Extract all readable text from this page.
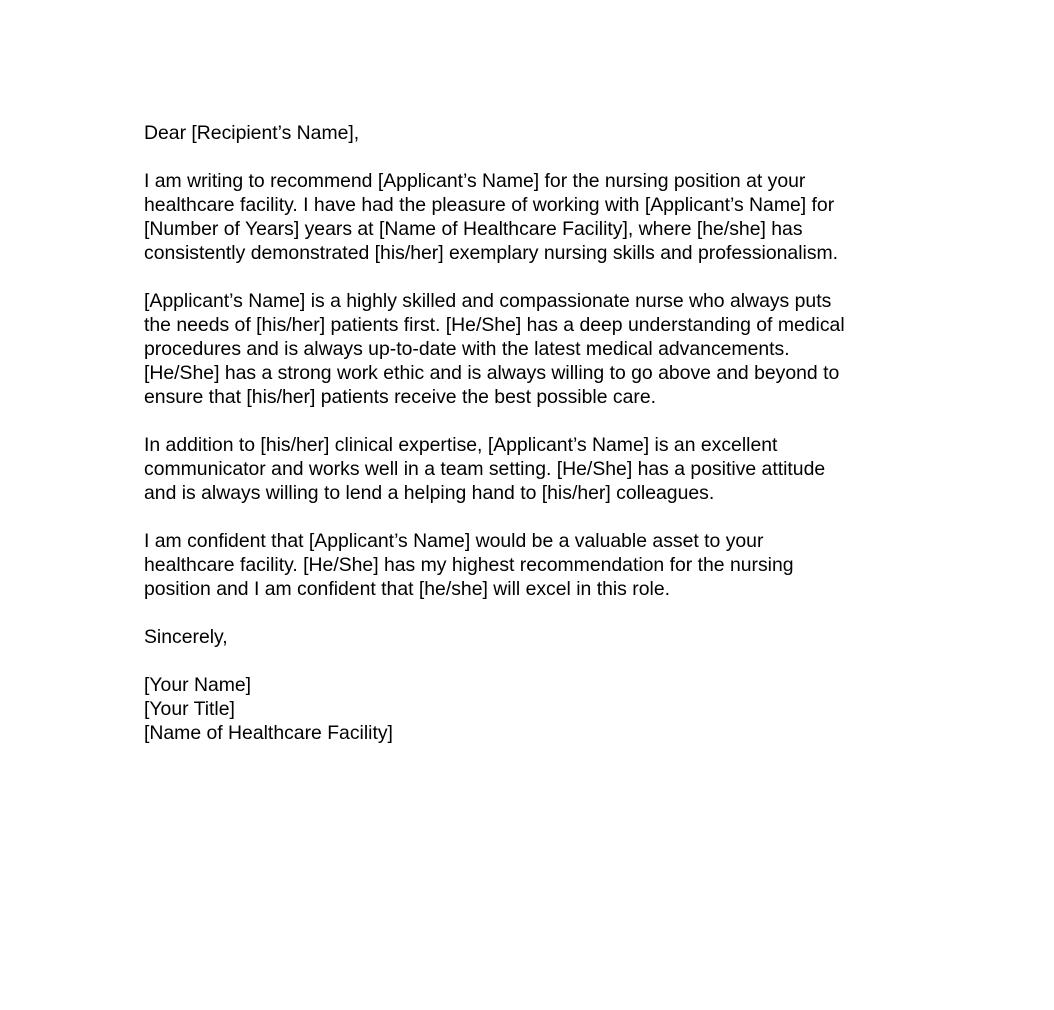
Dear [Recipient’s Name],

I am writing to recommend [Applicant’s Name] for the nursing position at your
healthcare facility. I have had the pleasure of working with [Applicant’s Name] for
[Number of Years] years at [Name of Healthcare Facility], where [he/she] has
consistently demonstrated [his/her] exemplary nursing skills and professionalism.

[Applicant’s Name] is a highly skilled and compassionate nurse who always puts
the needs of [his/her] patients first. [He/She] has a deep understanding of medical
procedures and is always up-to-date with the latest medical advancements.
[He/She] has a strong work ethic and is always willing to go above and beyond to
ensure that [his/her] patients receive the best possible care.

In addition to [his/her] clinical expertise, [Applicant’s Name] is an excellent
communicator and works well in a team setting. [He/She] has a positive attitude
and is always willing to lend a helping hand to [his/her] colleagues.

I am confident that [Applicant’s Name] would be a valuable asset to your
healthcare facility. [He/She] has my highest recommendation for the nursing
position and I am confident that [he/she] will excel in this role.

Sincerely,

[Your Name]
[Your Title]
[Name of Healthcare Facility]
